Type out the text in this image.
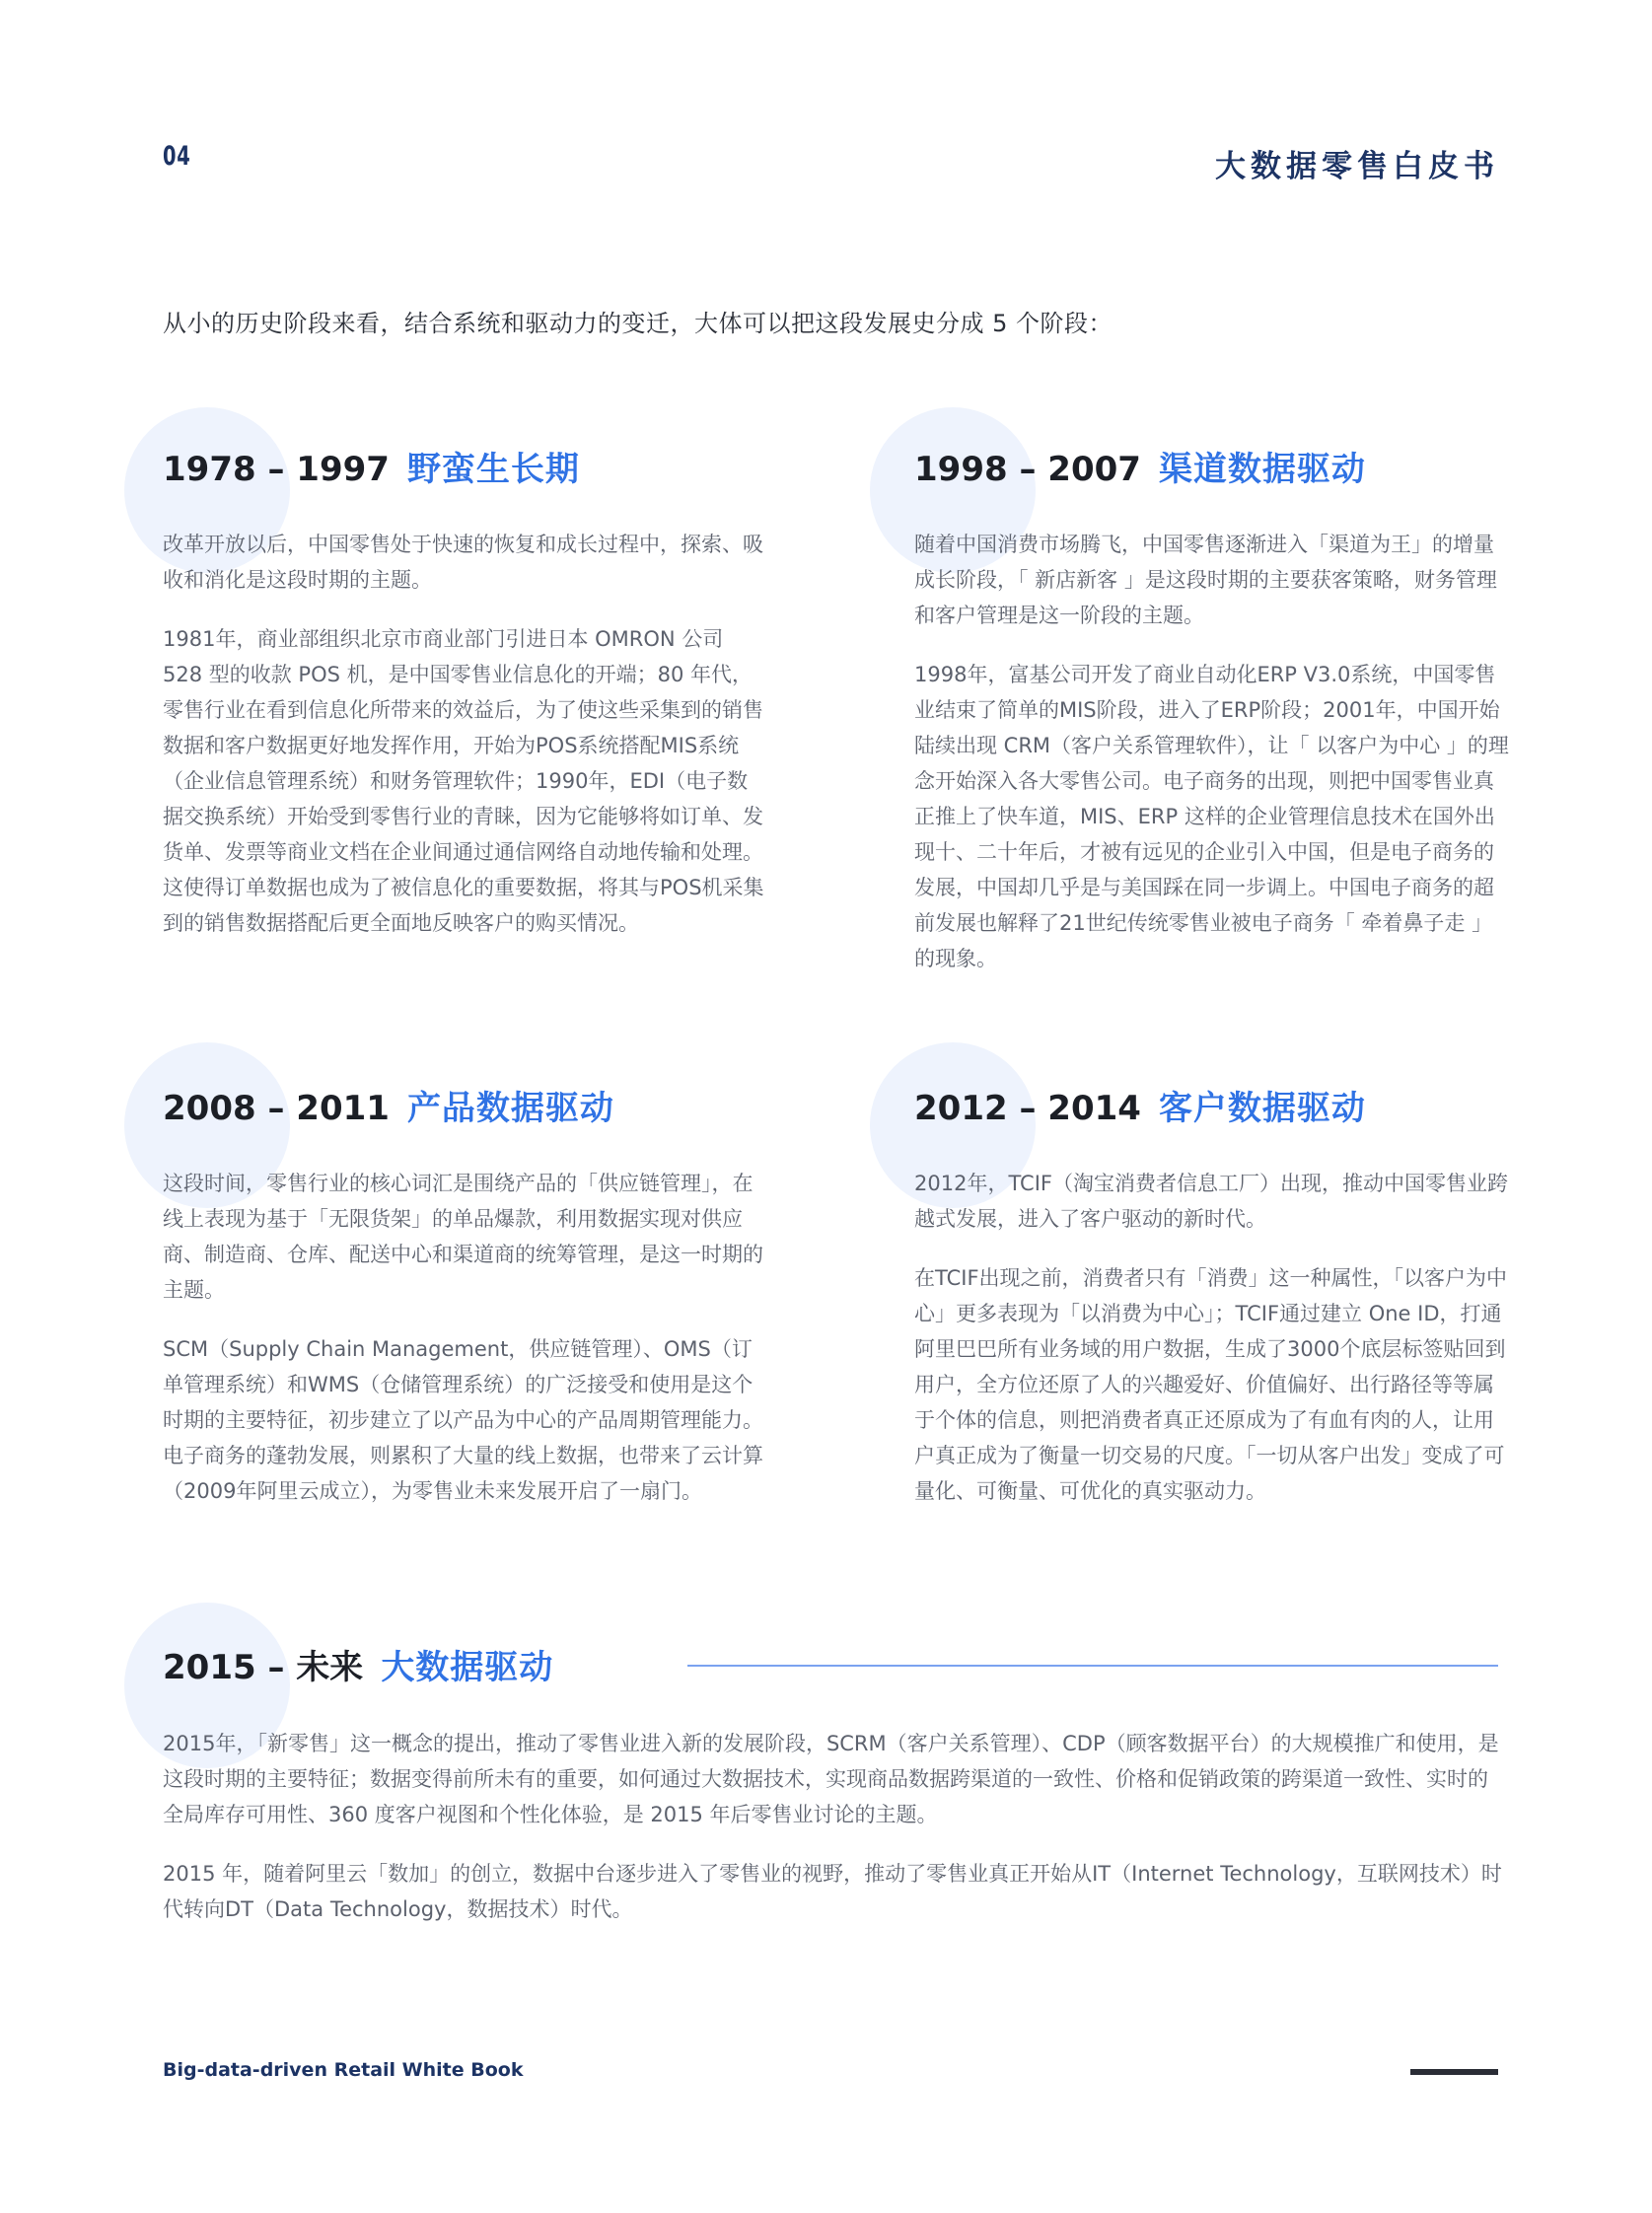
04	大数据零售白皮书
从小的历史阶段来看，结合系统和驱动力的变迁，大体可以把这段发展史分成 5 个阶段：
1978 – 1997 野蛮生长期

改革开放以后，中国零售处于快速的恢复和成长过程中，探索、吸收和消化是这段时期的主题。

1981年，商业部组织北京市商业部门引进日本 OMRON 公司 528 型的收款 POS 机，是中国零售业信息化的开端；80 年代，零售行业在看到信息化所带来的效益后，为了使这些采集到的销售数据和客户数据更好地发挥作用，开始为POS系统搭配MIS系统（企业信息管理系统）和财务管理软件；1990年，EDI（电子数据交换系统）开始受到零售行业的青睐，因为它能够将如订单、发货单、发票等商业文档在企业间通过通信网络自动地传输和处理。这使得订单数据也成为了被信息化的重要数据，将其与POS机采集到的销售数据搭配后更全面地反映客户的购买情况。

1998 – 2007 渠道数据驱动

随着中国消费市场腾飞，中国零售逐渐进入「渠道为王」的增量成长阶段，「 新店新客 」是这段时期的主要获客策略，财务管理和客户管理是这一阶段的主题。

1998年，富基公司开发了商业自动化ERP V3.0系统，中国零售业结束了简单的MIS阶段，进入了ERP阶段；2001年，中国开始陆续出现 CRM（客户关系管理软件），让「 以客户为中心 」的理念开始深入各大零售公司。电子商务的出现，则把中国零售业真正推上了快车道，MIS、ERP 这样的企业管理信息技术在国外出现十、二十年后，才被有远见的企业引入中国，但是电子商务的发展，中国却几乎是与美国踩在同一步调上。中国电子商务的超前发展也解释了21世纪传统零售业被电子商务「 牵着鼻子走 」的现象。

2008 – 2011 产品数据驱动

这段时间，零售行业的核心词汇是围绕产品的「供应链管理」，在线上表现为基于「无限货架」的单品爆款，利用数据实现对供应商、制造商、仓库、配送中心和渠道商的统筹管理，是这一时期的主题。

SCM（Supply Chain Management，供应链管理）、OMS（订单管理系统）和WMS（仓储管理系统）的广泛接受和使用是这个时期的主要特征，初步建立了以产品为中心的产品周期管理能力。电子商务的蓬勃发展，则累积了大量的线上数据，也带来了云计算（2009年阿里云成立），为零售业未来发展开启了一扇门。

2012 – 2014 客户数据驱动

2012年，TCIF（淘宝消费者信息工厂）出现，推动中国零售业跨越式发展，进入了客户驱动的新时代。

在TCIF出现之前，消费者只有「消费」这一种属性，「以客户为中心」更多表现为「以消费为中心」；TCIF通过建立 One ID，打通阿里巴巴所有业务域的用户数据，生成了3000个底层标签贴回到用户，全方位还原了人的兴趣爱好、价值偏好、出行路径等等属于个体的信息，则把消费者真正还原成为了有血有肉的人，让用户真正成为了衡量一切交易的尺度。「一切从客户出发」变成了可量化、可衡量、可优化的真实驱动力。

2015 – 未来 大数据驱动

2015年，「新零售」这一概念的提出，推动了零售业进入新的发展阶段，SCRM（客户关系管理）、CDP（顾客数据平台）的大规模推广和使用，是这段时期的主要特征；数据变得前所未有的重要，如何通过大数据技术，实现商品数据跨渠道的一致性、价格和促销政策的跨渠道一致性、实时的全局库存可用性、360 度客户视图和个性化体验，是 2015 年后零售业讨论的主题。

2015 年，随着阿里云「数加」的创立，数据中台逐步进入了零售业的视野，推动了零售业真正开始从IT（Internet Technology，互联网技术）时代转向DT（Data Technology，数据技术）时代。

Big-data-driven Retail White Book
